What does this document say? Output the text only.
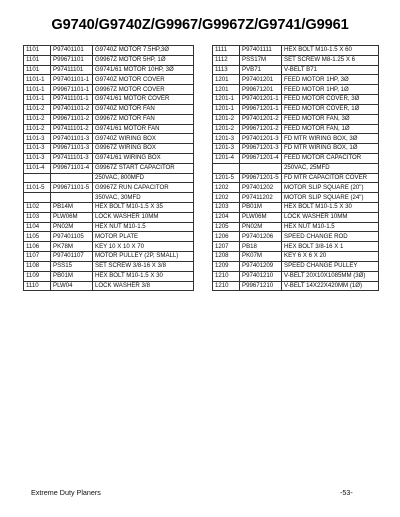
G9740/G9740Z/G9967/G9967Z/G9741/G9961
1101	P97401101	G9740Z MOTOR 7.5HP,3Ø
1101	P99671101	G9967Z MOTOR 5HP, 1Ø
1101	P97411101	G9741/61 MOTOR 10HP, 3Ø
1101-1	P97401101-1	G9740Z MOTOR COVER
1101-1	P99671101-1	G9967Z MOTOR COVER
1101-1	P97411101-1	G9741/61 MOTOR COVER
1101-2	P97401101-2	G9740Z MOTOR FAN
1101-2	P99671101-2	G9967Z MOTOR FAN
1101-2	P97411101-2	G9741/61 MOTOR FAN
1101-3	P97401101-3	G9740Z WIRING BOX
1101-3	P99671101-3	G9967Z WIRING BOX
1101-3	P97411101-3	G9741/61 WIRING BOX
1101-4	P99671101-4	G9967Z START CAPACITOR
		250VAC, 800MFD
1101-5	P99671101-5	G9967Z RUN CAPACITOR
		350VAC, 30MFD
1102	PB14M	HEX BOLT M10-1.5 X 35
1103	PLW06M	LOCK WASHER 10MM
1104	PN02M	HEX NUT M10-1.5
1105	P97401105	MOTOR PLATE
1106	PK78M	KEY 10 X 10 X 70
1107	P97401107	MOTOR PULLEY (2P, SMALL)
1108	PSS15	SET SCREW 3/8-16 X 3/8
1109	PB01M	HEX BOLT M10-1.5 X 30
1110	PLW04	LOCK WASHER 3/8
1111	P97401111	HEX BOLT M10-1.5 X 60
1112	PSS17M	SET SCREW M8-1.25 X 6
1113	PVB71	V-BELT B71
1201	P97401201	FEED MOTOR 1HP, 3Ø
1201	P99671201	FEED MOTOR 1HP, 1Ø
1201-1	P97401201-1	FEED MOTOR COVER, 3Ø
1201-1	P99671201-1	FEED MOTOR COVER, 1Ø
1201-2	P97401201-2	FEED MOTOR FAN, 3Ø
1201-2	P99671201-2	FEED MOTOR FAN, 1Ø
1201-3	P97401201-3	FD MTR WIRING BOX, 3Ø
1201-3	P99671201-3	FD MTR WIRING BOX, 1Ø
1201-4	P99671201-4	FEED MOTOR CAPACITOR
		250VAC, 25MFD
1201-5	P99671201-5	FD MTR CAPACITOR COVER
1202	P97401202	MOTOR SLIP SQUARE (20")
1202	P97411202	MOTOR SLIP SQUARE (24")
1203	PB01M	HEX BOLT M10-1.5 X 30
1204	PLW06M	LOCK WASHER 10MM
1205	PN02M	HEX NUT M10-1.5
1206	P97401206	SPEED CHANGE ROD
1207	PB18	HEX BOLT 3/8-16 X 1
1208	PK07M	KEY 6 X 6 X 20
1209	P97401209	SPEED CHANGE PULLEY
1210	P97401210	V-BELT 20X10X1085MM (3Ø)
1210	P99671210	V-BELT 14X22X420MM (1Ø)
Extreme Duty Planers	-53-
